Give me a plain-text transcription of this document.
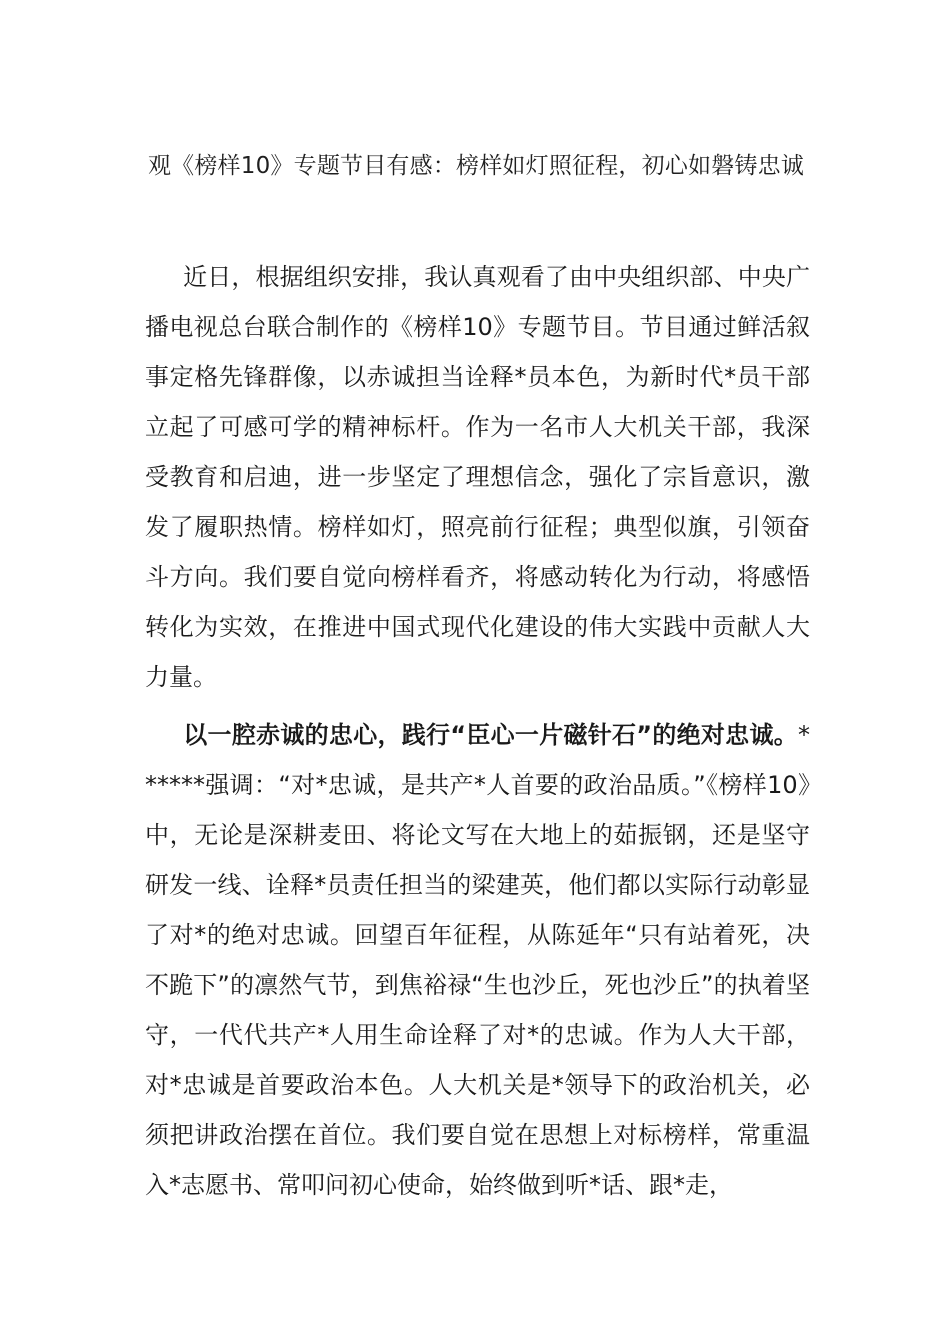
观《榜样10》专题节目有感：榜样如灯照征程，初心如磐铸忠诚
近日，根据组织安排，我认真观看了由中央组织部、中央广播电视总台联合制作的《榜样10》专题节目。节目通过鲜活叙事定格先锋群像，以赤诚担当诠释*员本色，为新时代*员干部立起了可感可学的精神标杆。作为一名市人大机关干部，我深受教育和启迪，进一步坚定了理想信念，强化了宗旨意识，激发了履职热情。榜样如灯，照亮前行征程；典型似旗，引领奋斗方向。我们要自觉向榜样看齐，将感动转化为行动，将感悟转化为实效，在推进中国式现代化建设的伟大实践中贡献人大力量。
以一腔赤诚的忠心，践行“臣心一片磁针石”的绝对忠诚。******强调：“对*忠诚，是共产*人首要的政治品质。”《榜样10》中，无论是深耕麦田、将论文写在大地上的茹振钢，还是坚守研发一线、诠释*员责任担当的梁建英，他们都以实际行动彰显了对*的绝对忠诚。回望百年征程，从陈延年“只有站着死，决不跪下”的凛然气节，到焦裕禄“生也沙丘，死也沙丘”的执着坚守，一代代共产*人用生命诠释了对*的忠诚。作为人大干部，对*忠诚是首要政治本色。人大机关是*领导下的政治机关，必须把讲政治摆在首位。我们要自觉在思想上对标榜样，常重温入*志愿书、常叩问初心使命，始终做到听*话、跟*走，
